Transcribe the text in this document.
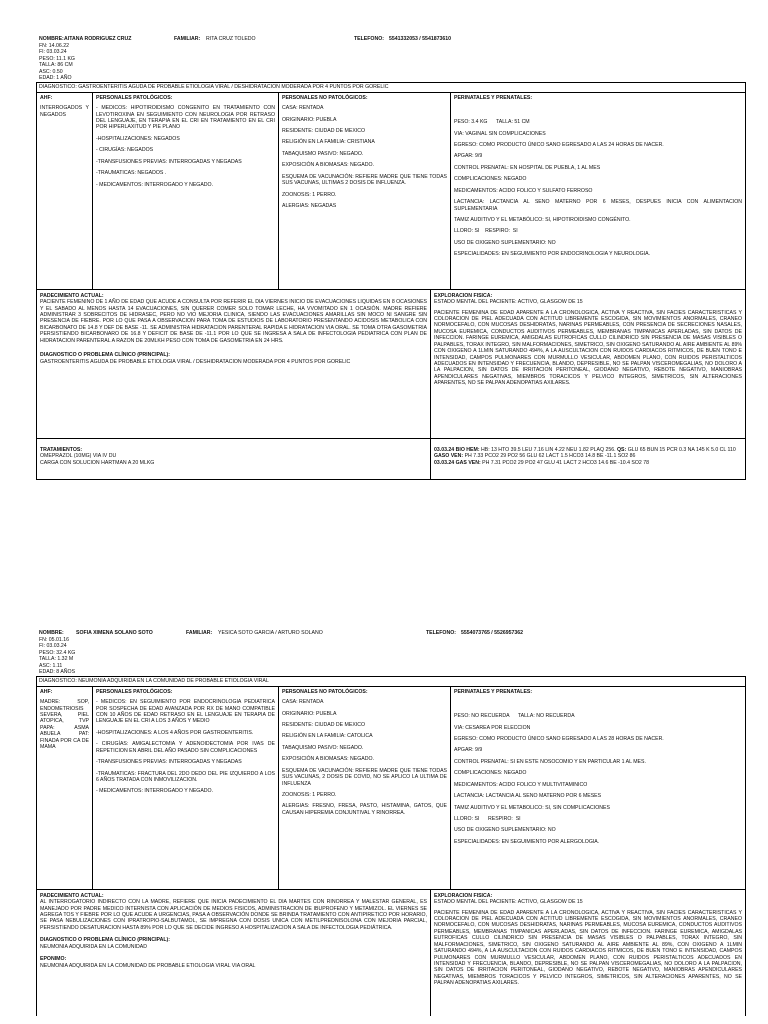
NOMBRE: AITANA RODRIGUEZ CRUZ	FAMILIAR: RITA CRUZ TOLEDO	TELEFONO: 5541332053 / 5541873610
FN: 14.06.22
FI: 03.03.24
PESO: 11.1 KG
TALLA: 86 CM
ASC: 0.50
EDAD: 1 AÑO
DIAGNOSTICO: GASTROENTERITIS AGUDA DE PROBABLE ETIOLOGIA VIRAL / DESHIDRATACION MODERADA POR 4 PUNTOS POR GORELIC
AHF:

INTERROGADOS Y NEGADOS

PERSONALES PATOLÓGICOS:

- MEDICOS: HIPOTIROIDISMO CONGENITO EN TRATAMIENTO CON LEVOTIROXINA EN SEGUIMIENTO CON NEUROLOGIA POR RETRASO DEL LENGUAJE, EN TERAPIA EN EL CRI EN TRATAMIENTO EN EL CRI POR HIPERLAXITUD Y PIE PLANO

-HOSPITALIZACIONES: NEGADOS

- CIRUGÍAS: NEGADOS

-TRANSFUSIONES PREVIAS: INTERROGADAS Y NEGADAS

-TRAUMATICAS: NEGADOS .

- MEDICAMENTOS: INTERROGADO Y NEGADO.

PERSONALES NO PATOLÓGICOS:

CASA: RENTADA

ORIGINARIO: PUEBLA

RESIDENTE: CIUDAD DE MEXICO

RELIGIÓN EN LA FAMILIA: CRISTIANA

TABAQUISMO PASIVO: NEGADO.

EXPOSICIÓN A BIOMASAS: NEGADO.

ESQUEMA DE VACUNACIÓN: REFIERE MADRE QUE TIENE TODAS SUS VACUNAS, ULTIMAS 2 DOSIS DE INFLUENZA.

ZOONOSIS: 1 PERRO.

ALERGIAS: NEGADAS

PERINATALES Y PRENATALES:

PESO: 3.4 KG      TALLA: 51 CM

VIA: VAGINAL SIN COMPLICACIONES

EGRESO: COMO PRODUCTO ÚNICO SANO EGRESADO A LAS 24 HORAS DE NACER.

APGAR: 9/9

CONTROL PRENATAL: EN HOSPITAL DE PUEBLA, 1 AL MES

COMPLICACIONES: NEGADO

MEDICAMENTOS: ACIDO FOLICO Y SULFATO FERROSO

LACTANCIA: LACTANCIA AL SENO MATERNO POR 6 MESES, DESPUES INICIA CON ALIMENTACION SUPLEMENTARIA

TAMIZ AUDITIVO Y EL METABÓLICO: SI, HIPOTIROIDISMO CONGÉNITO.

LLORO: SI    RESPIRO:  SI

USO DE OXIGENO SUPLEMENTARIO: NO

ESPECIALIDADES: EN SEGUIMIENTO POR ENDOCRINOLOGIA Y NEUROLOGIA.

PADECIMIENTO ACTUAL:

PACIENTE FEMENINO DE 1 AÑO DE EDAD QUE ACUDE A CONSULTA POR REFERIR EL DIA VIERNES INICIO DE EVACUACIONES LIQUIDAS EN 8 OCASIONES Y EL SABADO AL MENOS HASTA 14 EVACUACIONES, SIN QUERER COMER SOLO TOMAR LECHE, HA VVOMITADO EN 1 OCASIÓN. MADRE REFIERE ADMINISTRAR 3 SOBRECITOS DE HIDRASEC, PERO NO VIO MEJORIA CLINICA, SIENDO LAS EVACUACIONES AMARILLAS SIN MOCO NI SANGRE SIN PRESENCIA DE FIEBRE. POR LO QUE PASA A OBSERVACION PARA TOMA DE ESTUDIOS DE LABORATORIO PRESENTANDO ACIDOSIS METABOLICA CON BICARBONATO DE 14.8 Y DEF DE BASE -11. SE ADMINISTRA HIDRATACION PARENTERAL RAPIDA E HIDRATACION VIA ORAL. SE TOMA OTRA GASOMETRIA PERSISTIENDO BICARBONARO DE 16.8 Y DEFICIT DE BASE DE -11.1 POR LO QUE SE INGRESA A SALA DE INFECTOLOGIA PEDIATRICA CON PLAN DE HIDRATACION PARENTERAL A RAZON DE 20MLKH PESO CON TOMA DE GASOMETRIA EN 24 HRS.

DIAGNOSTICO O PROBLEMA CLÍNICO (PRINCIPAL):

GASTROENTERITIS AGUDA DE PROBABLE ETIOLOGIA VIRAL / DESHIDRATACION MODERADA POR 4 PUNTOS POR GORELIC

EXPLORACION FISICA:

ESTADO MENTAL DEL PACIENTE: ACTIVO, GLASGOW DE 15

PACIENTE FEMENINA DE EDAD APARENTE A LA CRONOLOGICA, ACTIVA Y REACTIVA, SIN FACIES CARACTERISTICAS Y COLORACION DE PIEL ADECUADA CON ACTITUD LIBREMENTE ESCOGIDA, SIN MOVIMIENTOS ANORMALES, CRANEO NORMOCEFALO, CON MUCOSAS DESHIDRATAS, NARINAS PERMEABLES, CON PRESENCIA DE SECRECIONES NASALES, MUCOSA EUREMICA, CONDUCTOS AUDITIVOS PERMEABLES, MEMBRANAS TIMPANICAS APERLADAS, SIN DATOS DE INFECCION. FARINGE EUREMICA, AMIGDALAS EUTROFICAS CULLO CILINDRICO SIN PRESENCIA DE MASAS VISIBLES O PALPABLES, TORAX INTEGRO, SIN MALFORMACIONES, SIMETRICO, SIN OXIGENO SATURANDO AL AIRE AMBIENTE AL 89% CON OXIGENO A 1LMIN SATURANDO 494%, A LA AUSCULTACION CON RUIDOS CARDIACOS RITMICOS, DE BUEN TONO E INTENSIDAD, CAMPOS PULMONARES CON MURMULLO VESICULAR, ABDOMEN PLANO, CON RUIDOS PERISTALTICOS ADECUADOS EN INTENSIDAD Y FRECUENCIA, BLANDO, DEPRESIBLE, NO SE PALPAN VISCEROMEGALIAS, NO DOLORO A LA PALPACION, SIN DATOS DE IRRITACION PERITONEAL, GIODANO NEGATIVO, REBOTE NEGATIVO, MANIOBRAS APENDICULARES NEGATIVAS, MIEMBROS TORACICOS Y PELVICO INTEGROS, SIMETRICOS, SIN ALTERACIONES APARENTES, NO SE PALPAN ADENOPATIAS AXILARES.

TRATAMIENTOS:
OMEPRAZOL (10MG) VIA IV DU
CARGA CON SOLUCION HARTMAN A 20 MLKG
03.03.24 BIO HEM: HB: 13 HTO 39.5 LEU 7.16 LIN 4.22 NEU 1.82 PLAQ 256. QS: GLU 65 BUN 15 PCR 0.3 NA 145 K 5.0 CL 110 GASO VEN: PH 7.33 PCO2 29 PO2 56 GLU 62 LACT 1.5 HCO3 14.8 BE -11.1 SO2 86
03.03.24 GAS VEN: PH 7.31 PCO2 29 PO2 47 GLU 41 LACT 2 HCO3 14.6 BE -10.4 SO2 78
NOMBRE: SOFIA XIMENA SOLANO SOTO	FAMILIAR: YESICA SOTO GARCIA / ARTURO SOLANO	TELEFONO: 5554073765 / 5526957362
FN: 05.01.16
FI: 03.03.24
PESO: 32.4 KG
TALLA: 1.32 M
ASC: 1.11
EDAD: 8 AÑOS
DIAGNOSTICO: NEUMONIA ADQUIRIDA EN LA COMUNIDAD DE PROBABLE ETIOLOGIA VIRAL
AHF:

MADRE: SOP, ENDOMETRIOSIS SEVERA, PIEL ATOPICA, TVP PAPA: ASMA ABUELA PAT: FINADA POR CA DE MAMA

PERSONALES PATOLÓGICOS:

- MEDICOS: EN SEGUIMIENTO POR ENDOCRINOLOGIA PEDIATRICA POR SOSPECHA DE EDAD AVANZADA POR RX DE MANO COMPATIBLE CON 10 AÑOS DE EDAD RETRASO EN EL LENGUAJE EN TERAPIA DE LENGUAJE EN EL CRI A LOS 3 AÑOS Y MEDIO

-HOSPITALIZACIONES: A LOS 4 AÑOS POR GASTROENTERITIS.

- CIRUGÍAS: AMIGALECTOMIA Y ADENOIDECTOMIA POR IVAS DE REPETICION EN ABRIL DEL AÑO PASADO SIN COMPLICACIONES

-TRANSFUSIONES PREVIAS: INTERROGADAS Y NEGADAS

-TRAUMATICAS: FRACTURA DEL 2DO DEDO DEL PIE IZQUIERDO A LOS 6 AÑOS TRATADA CON INMOVILIZACION.

- MEDICAMENTOS: INTERROGADO Y NEGADO.

PERSONALES NO PATOLÓGICOS:

CASA: RENTADA

ORIGINARIO: PUEBLA

RESIDENTE: CIUDAD DE MEXICO

RELIGIÓN EN LA FAMILIA: CATOLICA

TABAQUISMO PASIVO: NEGADO.

EXPOSICIÓN A BIOMASAS: NEGADO.

ESQUEMA DE VACUNACIÓN: REFIERE MADRE QUE TIENE TODAS SUS VACUNAS, 2 DOSIS DE COVID, NO SE APLICO LA ULTIMA DE INFLUENZA

ZOONOSIS: 1 PERRO.

ALERGIAS: FRESNO, FRESA, PASTO, HISTAMINA, GATOS, QUE CAUSAN HIPEREMIA CONJUNTIVAL Y RINORREA.

PERINATALES Y PRENATALES:

PESO: NO RECUERDA      TALLA: NO RECUERDA

VIA: CESAREA POR ELECCION

EGRESO: COMO PRODUCTO ÚNICO SANO EGRESADO A LAS 28 HORAS DE NACER.

APGAR: 9/9

CONTROL PRENATAL: SI EN ESTE NOSOCOMIO Y EN PARTICULAR 1 AL MES.

COMPLICACIONES: NEGADO

MEDICAMENTOS: ACIDO FOLICO Y MULTIVITAMINICO

LACTANCIA: LACTANCIA AL SENO MATERNO POR 6 MESES

TAMIZ AUDITIVO Y EL METABOLICO: SI, SIN COMPLICACIONES

LLORO: SI      RESPIRO:  SI

USO DE OXIGENO SUPLEMENTARIO: NO

ESPECIALIDADES: EN SEGUIMIENTO POR ALERGOLOGIA.

PADECIMIENTO ACTUAL:

AL INTERROGATORIO INDIRECTO CON LA MADRE, REFIERE QUE INICIA PADECIMIENTO EL DIA MARTES CON RINORREA Y MALESTAR GENERAL, ES MANEJADO POR PADRE MEDICO INTERNISTA CON APLICACIÓN DE MEDIOS FISICOS, ADMINISTRACION DE IBUPROFENO Y METAMIZOL. EL VIERNES SE AGREGA TOS Y FIEBRE POR LO QUE ACUDE A URGENCIAS, PASA A OBSERVACIÓN DONDE SE BRINDA TRATAMIENTO CON ANTIPIRETICO POR HORARIO, SE PASA NEBULIZACIONES CON IPRATROPIO-SALBUTAMOL, SE IMPREGNA CON DOSIS UNICA CON METILPREDNISOLONA CON MEJORIA PARCIAL, PERSISTIENDO DESATURACION HASTA 89% POR LO QUE SE DECIDE INGRESO A HOSPITALIZACION A SALA DE INFECTOLOGIA PEDIÁTRICA.

DIAGNOSTICO O PROBLEMA CLÍNICO (PRINCIPAL):

NEUMONIA ADQUIRIDA EN LA COMUNIDAD

EPONIMO:

NEUMONIA ADQUIRIDA EN LA COMUNIDAD DE PROBABLE ETIOLOGIA VIRAL VIA ORAL

EXPLORACION FISICA:

ESTADO MENTAL DEL PACIENTE: ACTIVO, GLASGOW DE 15

PACIENTE FEMENINA DE EDAD APARENTE A LA CRONOLOGICA, ACTIVA Y REACTIVA, SIN FACIES CARACTERISTICAS Y COLORACION DE PIEL ADECUADA CON ACTITUD LIBREMENTE ESCOGIDA, SIN MOVIMIENTOS ANORMALES, CRANEO NORMOCEFALO, CON MUCOSAS DESHIDRATAS, NARINAS PERMEABLES, MUCOSA EUREMICA, CONDUCTOS AUDITIVOS PERMEABLES, MEMBRANAS TIMPANICAS APERLADAS, SIN DATOS DE INFECCION. FARINGE EUREMICA, AMIGDALAS EUTROFICAS CULLO CILINDRICO SIN PRESENCIA DE MASAS VISIBLES O PALPABLES, TORAX INTEGRO, SIN MALFORMACIONES, SIMETRICO, SIN OXIGENO SATURANDO AL AIRE AMBIENTE AL 89%, CON OXIGENO A 1LMIN SATURANDO 494%, A LA AUSCULTACION CON RUIDOS CARDIACOS RITMICOS, DE BUEN TONO E INTENSIDAD, CAMPOS PULMONARES CON MURMULLO VESICULAR, ABDOMEN PLANO, CON RUIDOS PERISTALTICOS ADECUADOS EN INTENSIDAD Y FRECUENCIA, BLANDO, DEPRESIBLE, NO SE PALPAN VISCEROMEGALIAS, NO DOLORO A LA PALPACION, SIN DATOS DE IRRITACION PERITONEAL, GIODANO NEGATIVO, REBOTE NEGATIVO, MANIOBRAS APENDICULARES NEGATIVAS, MIEMBROS TORACICOS Y PELVICO INTEGROS, SIMETRICOS, SIN ALTERACIONES APARENTES, NO SE PALPAN ADENOPATIAS AXILARES.
